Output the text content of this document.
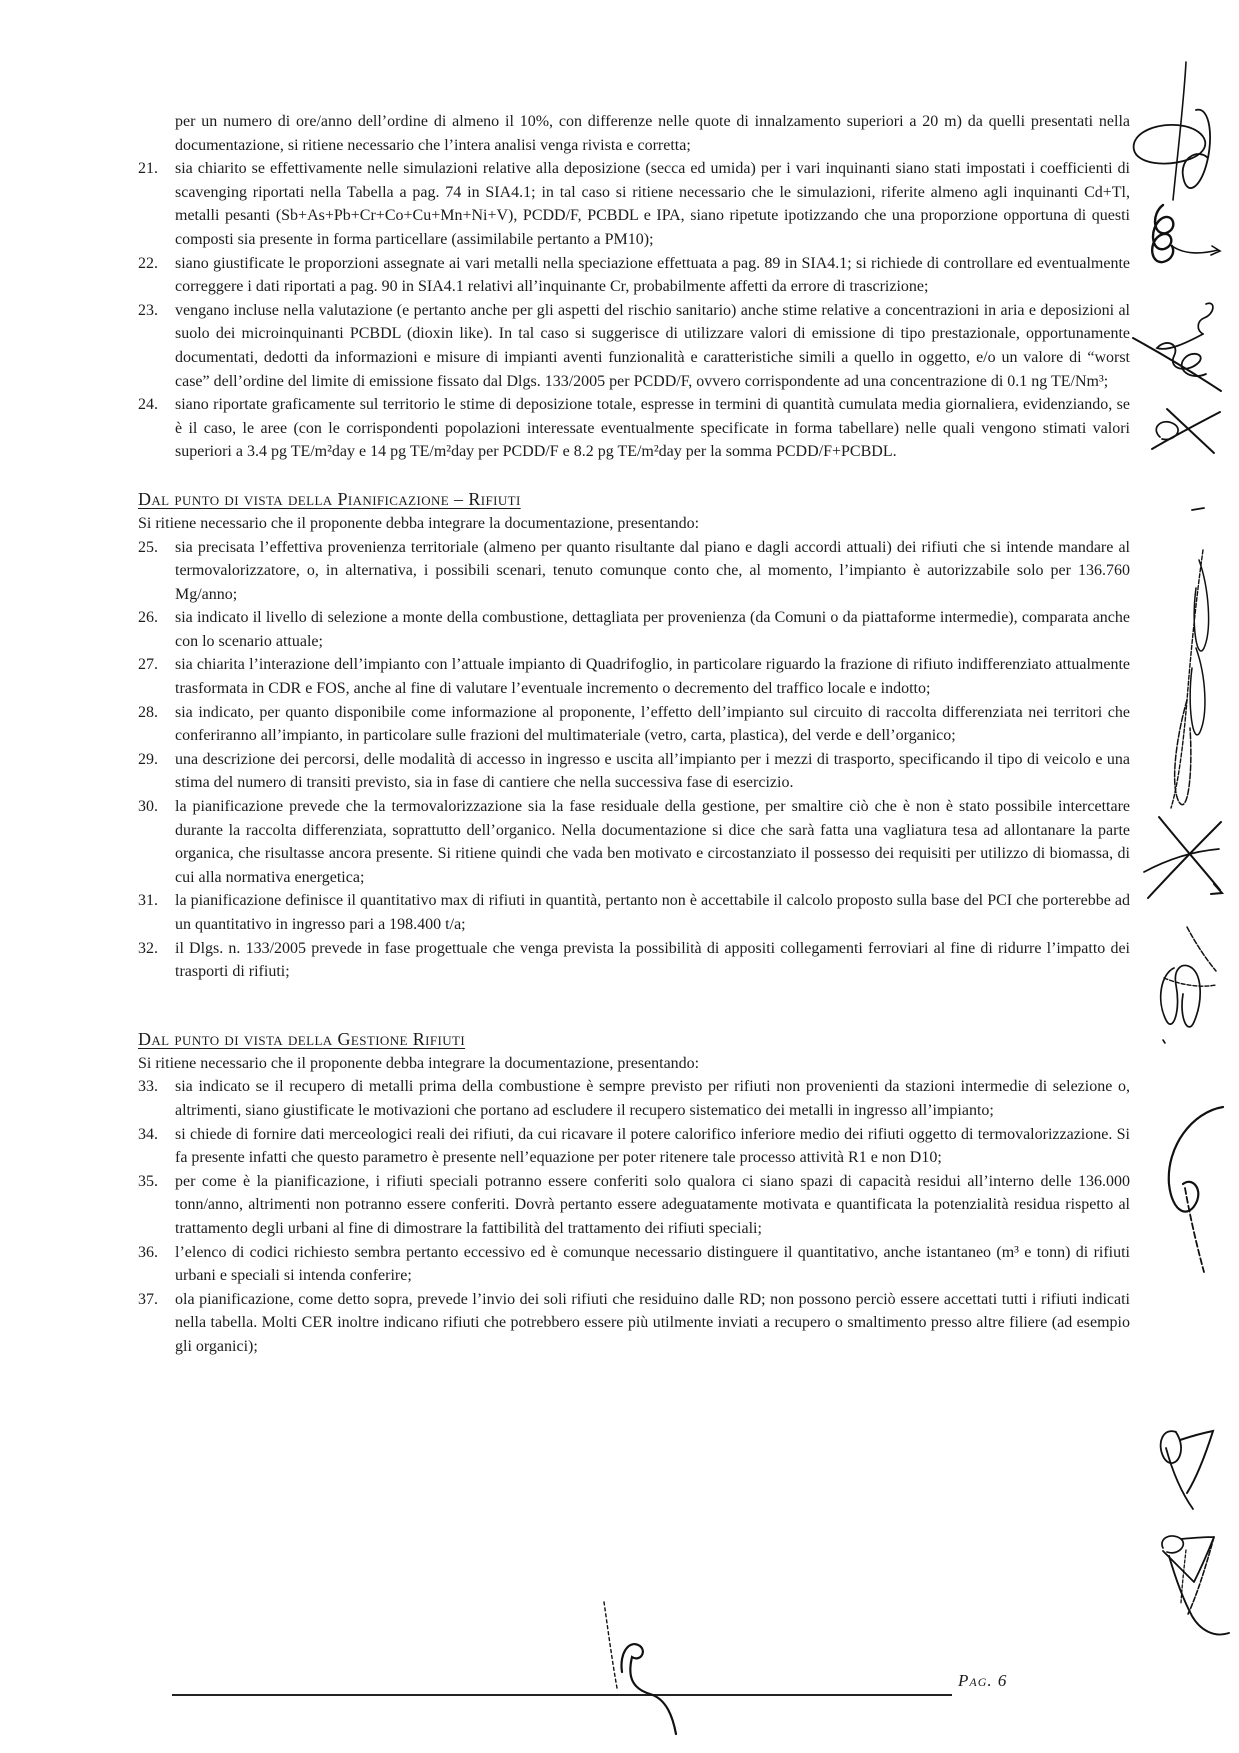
per un numero di ore/anno dell’ordine di almeno il 10%, con differenze nelle quote di innalzamento superiori a 20 m) da quelli presentati nella documentazione, si ritiene necessario che l’intera analisi venga rivista e corretta;

21. sia chiarito se effettivamente nelle simulazioni relative alla deposizione (secca ed umida) per i vari inquinanti siano stati impostati i coefficienti di scavenging riportati nella Tabella a pag. 74 in SIA4.1; in tal caso si ritiene necessario che le simulazioni, riferite almeno agli inquinanti Cd+Tl, metalli pesanti (Sb+As+Pb+Cr+Co+Cu+Mn+Ni+V), PCDD/F, PCBDL e IPA, siano ripetute ipotizzando che una proporzione opportuna di questi composti sia presente in forma particellare (assimilabile pertanto a PM10);
22. siano giustificate le proporzioni assegnate ai vari metalli nella speciazione effettuata a pag. 89 in SIA4.1; si richiede di controllare ed eventualmente correggere i dati riportati a pag. 90 in SIA4.1 relativi all’inquinante Cr, probabilmente affetti da errore di trascrizione;
23. vengano incluse nella valutazione (e pertanto anche per gli aspetti del rischio sanitario) anche stime relative a concentrazioni in aria e deposizioni al suolo dei microinquinanti PCBDL (dioxin like). In tal caso si suggerisce di utilizzare valori di emissione di tipo prestazionale, opportunamente documentati, dedotti da informazioni e misure di impianti aventi funzionalità e caratteristiche simili a quello in oggetto, e/o un valore di “worst case” dell’ordine del limite di emissione fissato dal Dlgs. 133/2005 per PCDD/F, ovvero corrispondente ad una concentrazione di 0.1 ng TE/Nm³;
24. siano riportate graficamente sul territorio le stime di deposizione totale, espresse in termini di quantità cumulata media giornaliera, evidenziando, se è il caso, le aree (con le corrispondenti popolazioni interessate eventualmente specificate in forma tabellare) nelle quali vengono stimati valori superiori a 3.4 pg TE/m²day e 14 pg TE/m²day per PCDD/F e 8.2 pg TE/m²day per la somma PCDD/F+PCBDL.
Dal punto di vista della Pianificazione – Rifiuti

Si ritiene necessario che il proponente debba integrare la documentazione, presentando:

25. sia precisata l’effettiva provenienza territoriale (almeno per quanto risultante dal piano e dagli accordi attuali) dei rifiuti che si intende mandare al termovalorizzatore, o, in alternativa, i possibili scenari, tenuto comunque conto che, al momento, l’impianto è autorizzabile solo per 136.760 Mg/anno;
26. sia indicato il livello di selezione a monte della combustione, dettagliata per provenienza (da Comuni o da piattaforme intermedie), comparata anche con lo scenario attuale;
27. sia chiarita l’interazione dell’impianto con l’attuale impianto di Quadrifoglio, in particolare riguardo la frazione di rifiuto indifferenziato attualmente trasformata in CDR e FOS, anche al fine di valutare l’eventuale incremento o decremento del traffico locale e indotto;
28. sia indicato, per quanto disponibile come informazione al proponente, l’effetto dell’impianto sul circuito di raccolta differenziata nei territori che conferiranno all’impianto, in particolare sulle frazioni del multimateriale (vetro, carta, plastica), del verde e dell’organico;
29. una descrizione dei percorsi, delle modalità di accesso in ingresso e uscita all’impianto per i mezzi di trasporto, specificando il tipo di veicolo e una stima del numero di transiti previsto, sia in fase di cantiere che nella successiva fase di esercizio.
30. la pianificazione prevede che la termovalorizzazione sia la fase residuale della gestione, per smaltire ciò che è non è stato possibile intercettare durante la raccolta differenziata, soprattutto dell’organico. Nella documentazione si dice che sarà fatta una vagliatura tesa ad allontanare la parte organica, che risultasse ancora presente. Si ritiene quindi che vada ben motivato e circostanziato il possesso dei requisiti per utilizzo di biomassa, di cui alla normativa energetica;
31. la pianificazione definisce il quantitativo max di rifiuti in quantità, pertanto non è accettabile il calcolo proposto sulla base del PCI che porterebbe ad un quantitativo in ingresso pari a 198.400 t/a;
32. il Dlgs. n. 133/2005 prevede in fase progettuale che venga prevista la possibilità di appositi collegamenti ferroviari al fine di ridurre l’impatto dei trasporti di rifiuti;
Dal punto di vista della Gestione Rifiuti

Si ritiene necessario che il proponente debba integrare la documentazione, presentando:

33. sia indicato se il recupero di metalli prima della combustione è sempre previsto per rifiuti non provenienti da stazioni intermedie di selezione o, altrimenti, siano giustificate le motivazioni che portano ad escludere il recupero sistematico dei metalli in ingresso all’impianto;
34. si chiede di fornire dati merceologici reali dei rifiuti, da cui ricavare il potere calorifico inferiore medio dei rifiuti oggetto di termovalorizzazione. Si fa presente infatti che questo parametro è presente nell’equazione per poter ritenere tale processo attività R1 e non D10;
35. per come è la pianificazione, i rifiuti speciali potranno essere conferiti solo qualora ci siano spazi di capacità residui all’interno delle 136.000 tonn/anno, altrimenti non potranno essere conferiti. Dovrà pertanto essere adeguatamente motivata e quantificata la potenzialità residua rispetto al trattamento degli urbani al fine di dimostrare la fattibilità del trattamento dei rifiuti speciali;
36. l’elenco di codici richiesto sembra pertanto eccessivo ed è comunque necessario distinguere il quantitativo, anche istantaneo (m³ e tonn) di rifiuti urbani e speciali si intenda conferire;
37. ola pianificazione, come detto sopra, prevede l’invio dei soli rifiuti che residuino dalle RD; non possono perciò essere accettati tutti i rifiuti indicati nella tabella. Molti CER inoltre indicano rifiuti che potrebbero essere più utilmente inviati a recupero o smaltimento presso altre filiere (ad esempio gli organici);
Pag. 6
